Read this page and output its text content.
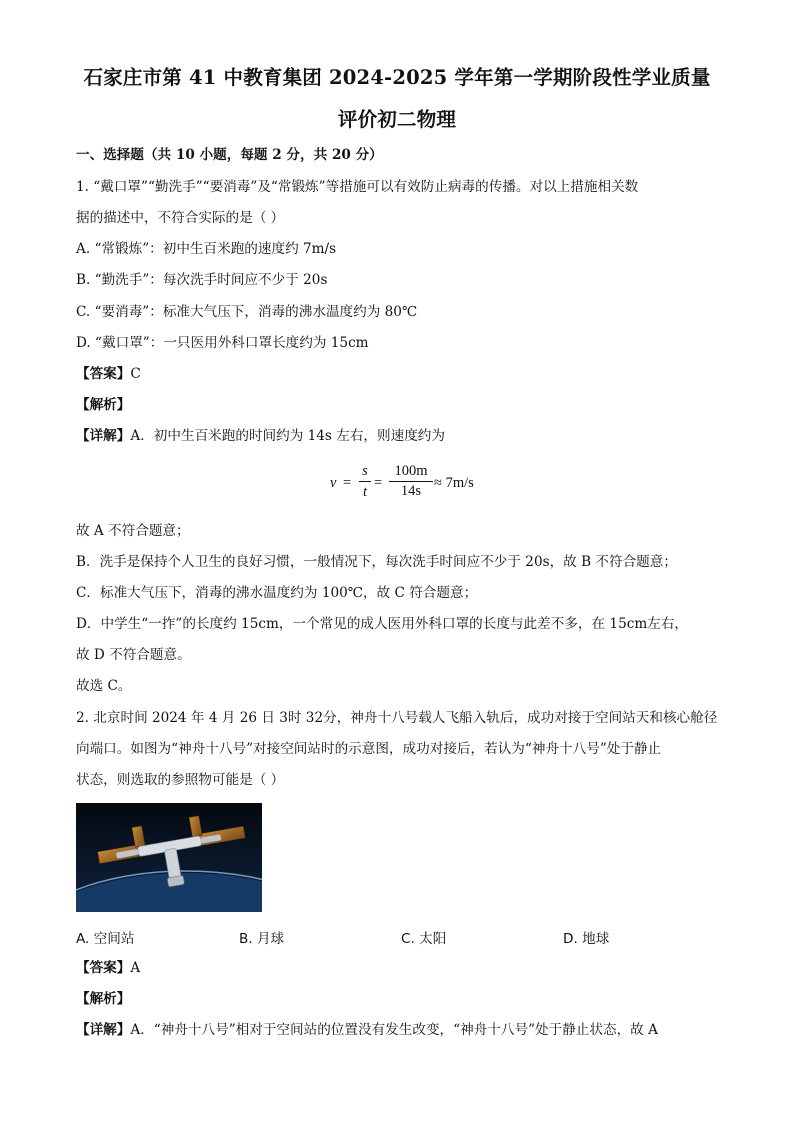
石家庄市第 41 中教育集团 2024-2025 学年第一学期阶段性学业质量
评价初二物理
一、选择题（共 10 小题，每题 2 分，共 20 分）
1. “戴口罩”“勤洗手”“要消毒”及“常锻炼”等措施可以有效防止病毒的传播。对以上措施相关数
据的描述中，不符合实际的是（ ）
A. “常锻炼”：初中生百米跑的速度约 7m/s
B. “勤洗手”：每次洗手时间应不少于 20s
C. “要消毒”：标准大气压下，消毒的沸水温度约为 80℃
D. “戴口罩”：一只医用外科口罩长度约为 15cm
【答案】C
【解析】
【详解】A．初中生百米跑的时间约为 14s 左右，则速度约为
v =
s
t
=
100m
14s ≈ 7m/s
故 A 不符合题意；
B．洗手是保持个人卫生的良好习惯，一般情况下，每次洗手时间应不少于 20s，故 B 不符合题意；
C．标准大气压下，消毒的沸水温度约为 100℃，故 C 符合题意；
D．中学生“一拃”的长度约 15cm，一个常见的成人医用外科口罩的长度与此差不多，在 15cm左右，
故 D 不符合题意。
故选 C。
2. 北京时间 2024 年 4 月 26 日 3时 32分，神舟十八号载人飞船入轨后，成功对接于空间站天和核心舱径
向端口。如图为“神舟十八号”对接空间站时的示意图，成功对接后，若认为“神舟十八号”处于静止
状态，则选取的参照物可能是（ ）
A. 空间站	B. 月球	C. 太阳	D. 地球
【答案】A
【解析】
【详解】A．“神舟十八号”相对于空间站的位置没有发生改变，“神舟十八号”处于静止状态，故 A
